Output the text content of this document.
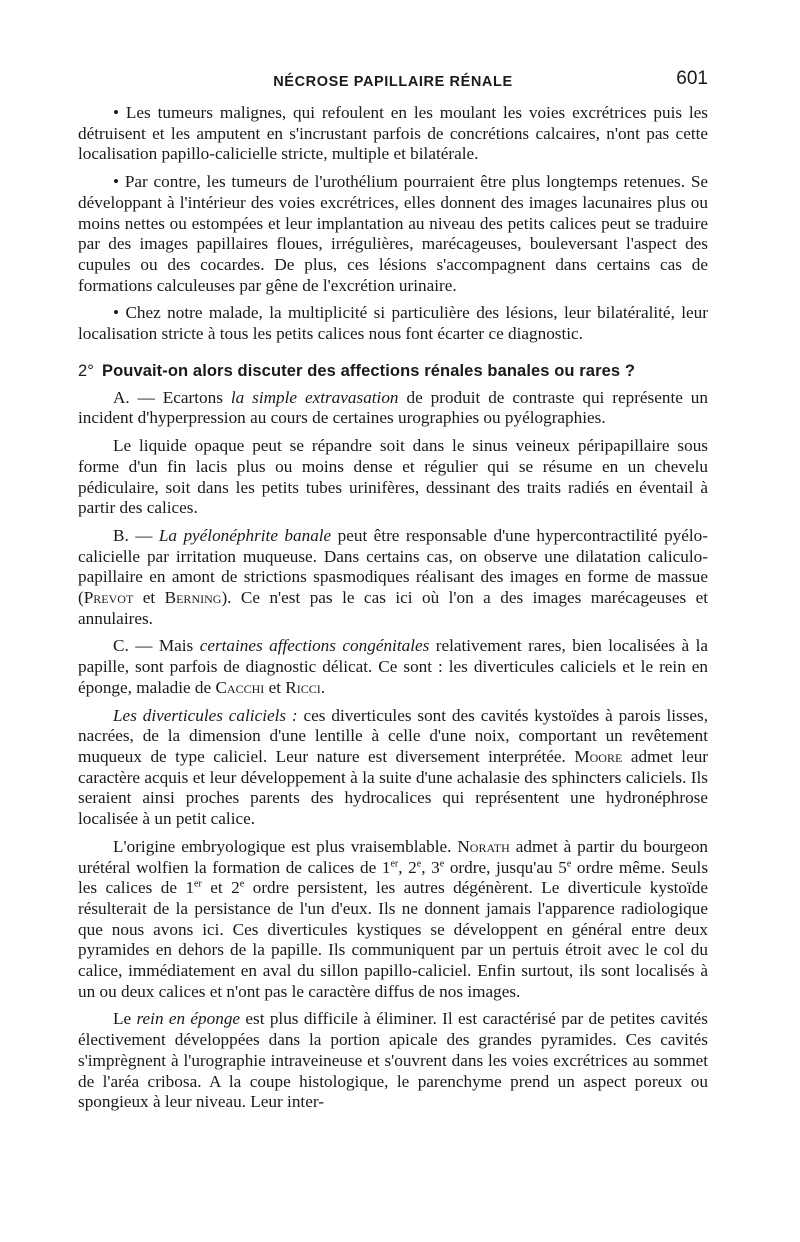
NÉCROSE PAPILLAIRE RÉNALE	601

• Les tumeurs malignes, qui refoulent en les moulant les voies excrétrices puis les détruisent et les amputent en s'incrustant parfois de concrétions calcaires, n'ont pas cette localisation papillo-calicielle stricte, multiple et bilatérale.

• Par contre, les tumeurs de l'urothélium pourraient être plus longtemps retenues. Se développant à l'intérieur des voies excrétrices, elles donnent des images lacunaires plus ou moins nettes ou estompées et leur implantation au niveau des petits calices peut se traduire par des images papillaires floues, irrégulières, marécageuses, bouleversant l'aspect des cupules ou des cocardes. De plus, ces lésions s'accompagnent dans certains cas de formations calculeuses par gêne de l'excrétion urinaire.

• Chez notre malade, la multiplicité si particulière des lésions, leur bilatéralité, leur localisation stricte à tous les petits calices nous font écarter ce diagnostic.

2° Pouvait-on alors discuter des affections rénales banales ou rares ?

A. — Ecartons la simple extravasation de produit de contraste qui représente un incident d'hyperpression au cours de certaines urographies ou pyélographies.

Le liquide opaque peut se répandre soit dans le sinus veineux péripapillaire sous forme d'un fin lacis plus ou moins dense et régulier qui se résume en un chevelu pédiculaire, soit dans les petits tubes urinifères, dessinant des traits radiés en éventail à partir des calices.

B. — La pyélonéphrite banale peut être responsable d'une hypercontractilité pyélo-calicielle par irritation muqueuse. Dans certains cas, on observe une dilatation caliculo-papillaire en amont de strictions spasmodiques réalisant des images en forme de massue (Prevot et Berning). Ce n'est pas le cas ici où l'on a des images marécageuses et annulaires.

C. — Mais certaines affections congénitales relativement rares, bien localisées à la papille, sont parfois de diagnostic délicat. Ce sont : les diverticules caliciels et le rein en éponge, maladie de Cacchi et Ricci.

Les diverticules caliciels : ces diverticules sont des cavités kystoïdes à parois lisses, nacrées, de la dimension d'une lentille à celle d'une noix, comportant un revêtement muqueux de type caliciel. Leur nature est diversement interprétée. Moore admet leur caractère acquis et leur développement à la suite d'une achalasie des sphincters caliciels. Ils seraient ainsi proches parents des hydrocalices qui représentent une hydronéphrose localisée à un petit calice.

L'origine embryologique est plus vraisemblable. Norath admet à partir du bourgeon urétéral wolfien la formation de calices de 1er, 2e, 3e ordre, jusqu'au 5e ordre même. Seuls les calices de 1er et 2e ordre persistent, les autres dégénèrent. Le diverticule kystoïde résulterait de la persistance de l'un d'eux. Ils ne donnent jamais l'apparence radiologique que nous avons ici. Ces diverticules kystiques se développent en général entre deux pyramides en dehors de la papille. Ils communiquent par un pertuis étroit avec le col du calice, immédiatement en aval du sillon papillo-caliciel. Enfin surtout, ils sont localisés à un ou deux calices et n'ont pas le caractère diffus de nos images.

Le rein en éponge est plus difficile à éliminer. Il est caractérisé par de petites cavités électivement développées dans la portion apicale des grandes pyramides. Ces cavités s'imprègnent à l'urographie intraveineuse et s'ouvrent dans les voies excrétrices au sommet de l'aréa cribosa. A la coupe histologique, le parenchyme prend un aspect poreux ou spongieux à leur niveau. Leur inter-
